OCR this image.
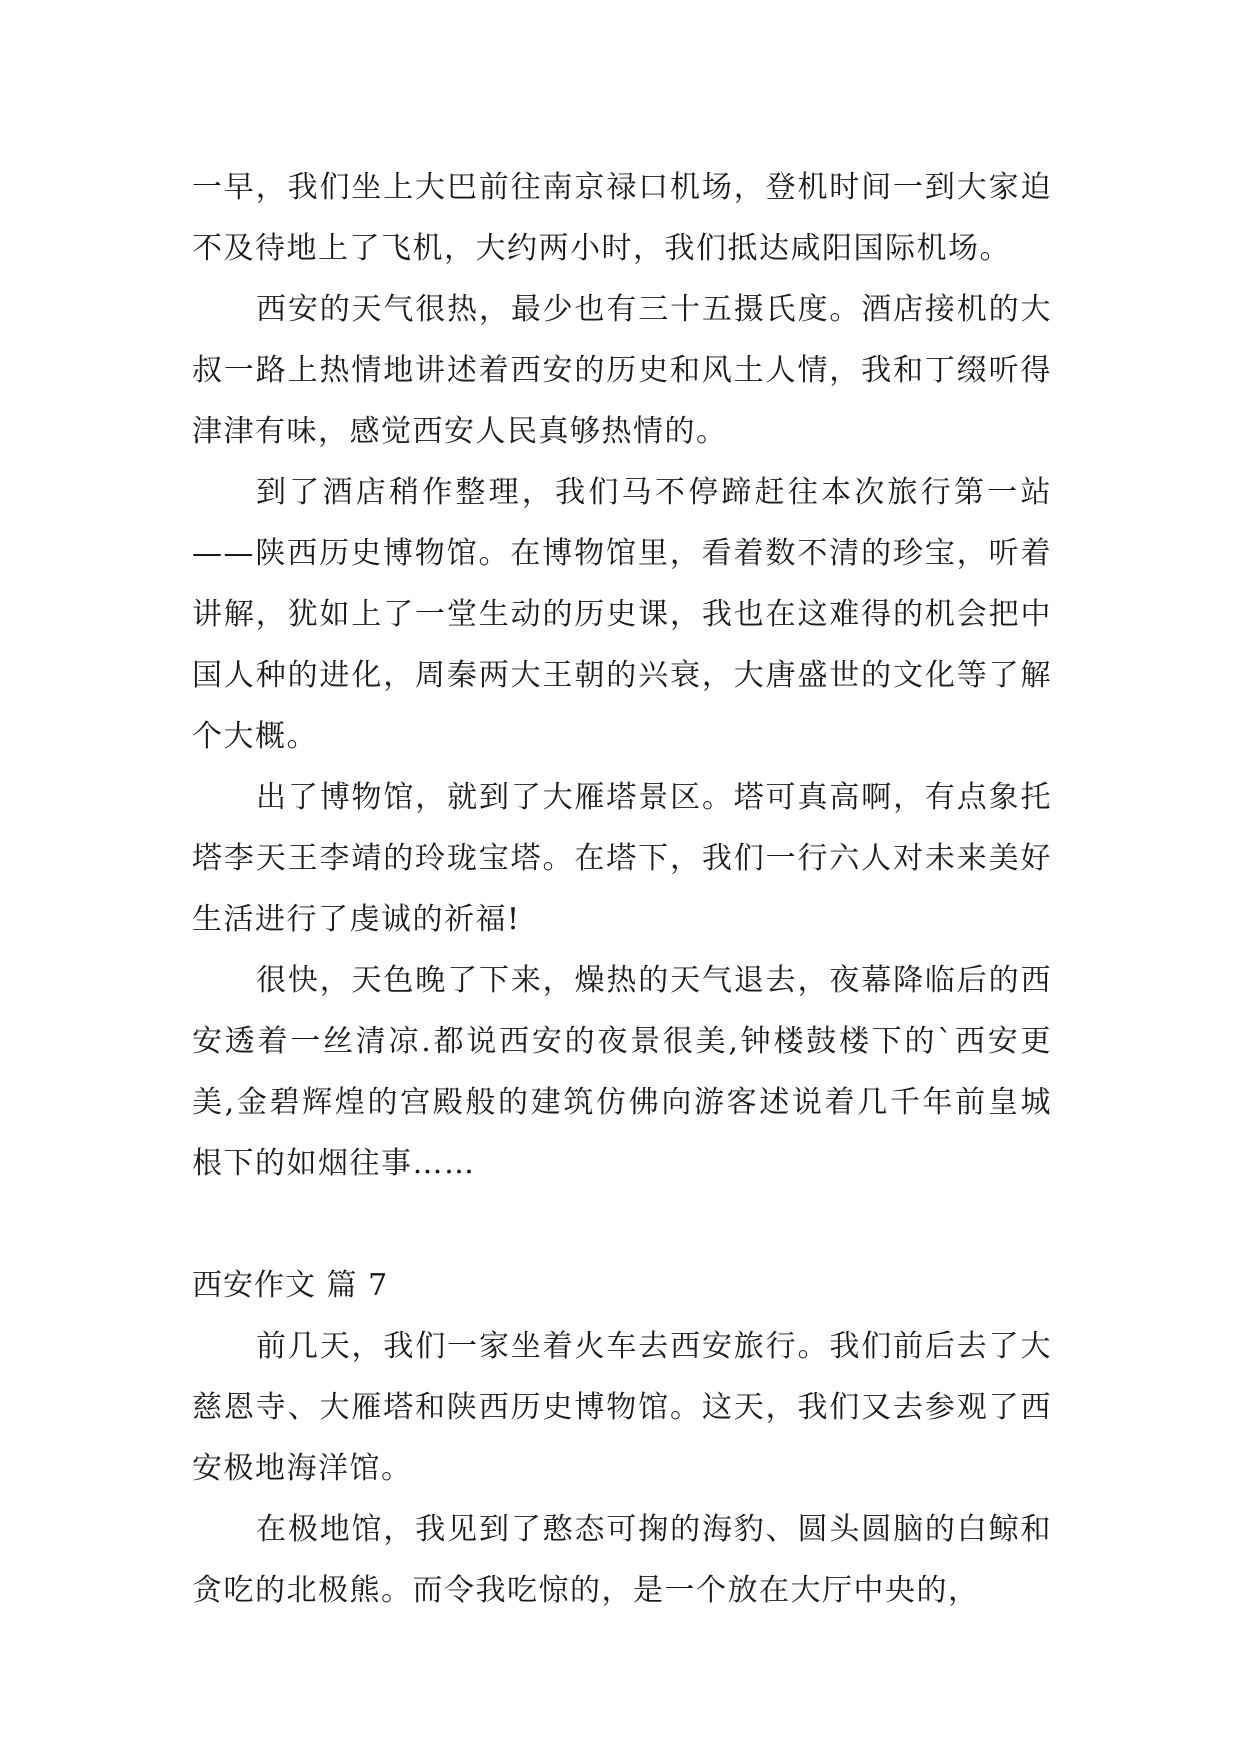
一早，我们坐上大巴前往南京禄口机场，登机时间一到大家迫不及待地上了飞机，大约两小时，我们抵达咸阳国际机场。

西安的天气很热，最少也有三十五摄氏度。酒店接机的大叔一路上热情地讲述着西安的历史和风土人情，我和丁缀听得津津有味，感觉西安人民真够热情的。

到了酒店稍作整理，我们马不停蹄赶往本次旅行第一站——陕西历史博物馆。在博物馆里，看着数不清的珍宝，听着讲解，犹如上了一堂生动的历史课，我也在这难得的机会把中国人种的进化，周秦两大王朝的兴衰，大唐盛世的文化等了解个大概。

出了博物馆，就到了大雁塔景区。塔可真高啊，有点象托塔李天王李靖的玲珑宝塔。在塔下，我们一行六人对未来美好生活进行了虔诚的祈福!

很快，天色晚了下来，燥热的天气退去，夜幕降临后的西安透着一丝清凉.都说西安的夜景很美,钟楼鼓楼下的`西安更美,金碧辉煌的宫殿般的建筑仿佛向游客述说着几千年前皇城根下的如烟往事……

西安作文 篇 7

前几天，我们一家坐着火车去西安旅行。我们前后去了大慈恩寺、大雁塔和陕西历史博物馆。这天，我们又去参观了西安极地海洋馆。

在极地馆，我见到了憨态可掬的海豹、圆头圆脑的白鲸和贪吃的北极熊。而令我吃惊的，是一个放在大厅中央的，
